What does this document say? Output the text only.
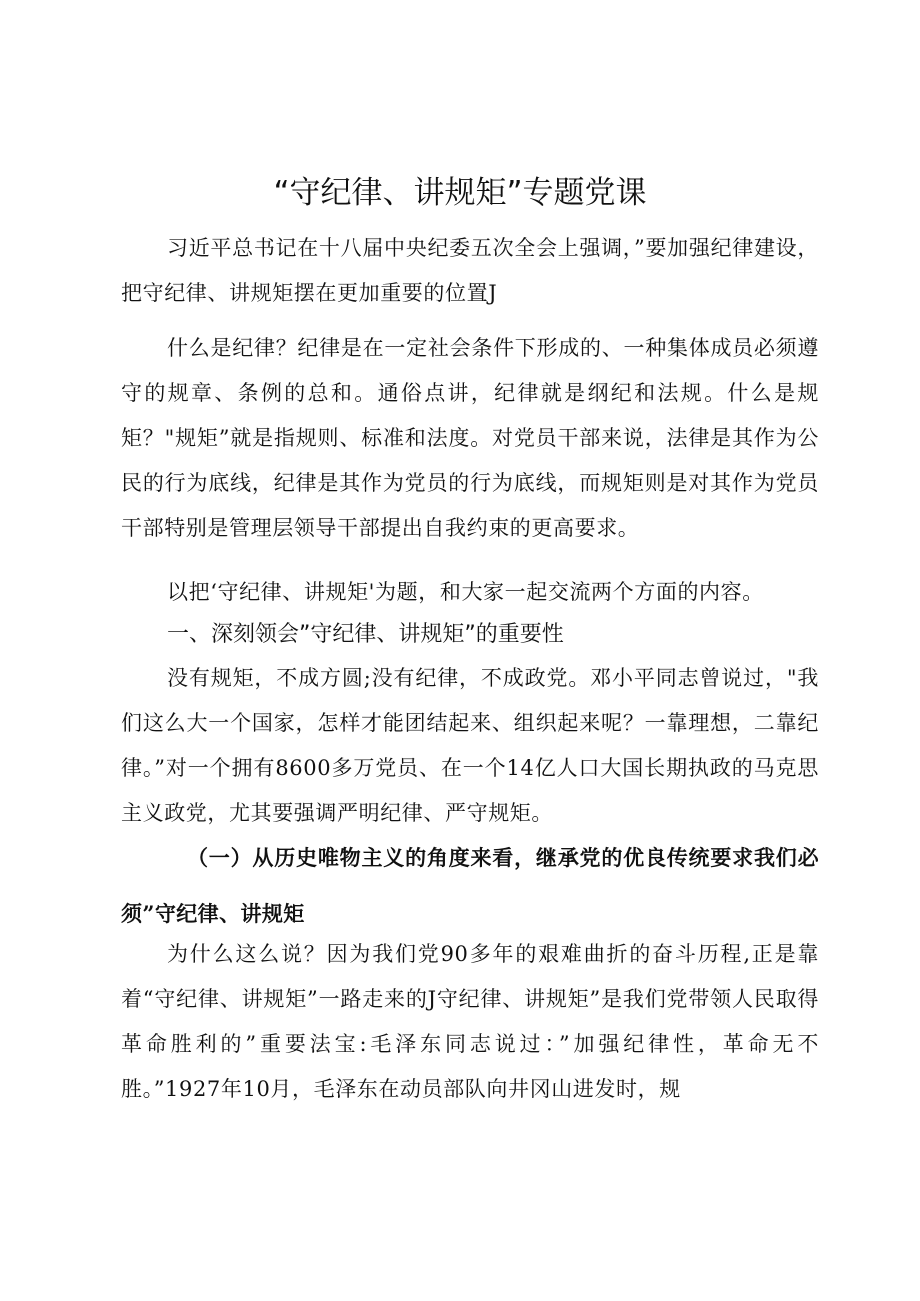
“守纪律、讲规矩”专题党课

习近平总书记在十八届中央纪委五次全会上强调，”要加强纪律建设，把守纪律、讲规矩摆在更加重要的位置J

什么是纪律？纪律是在一定社会条件下形成的、一种集体成员必须遵守的规章、条例的总和。通俗点讲，纪律就是纲纪和法规。什么是规矩？"规矩”就是指规则、标准和法度。对党员干部来说，法律是其作为公民的行为底线，纪律是其作为党员的行为底线，而规矩则是对其作为党员干部特别是管理层领导干部提出自我约束的更高要求。

以把‘守纪律、讲规矩'为题，和大家一起交流两个方面的内容。

一、深刻领会”守纪律、讲规矩”的重要性

没有规矩，不成方圆;没有纪律，不成政党。邓小平同志曾说过，"我们这么大一个国家，怎样才能团结起来、组织起来呢？一靠理想，二靠纪律。”对一个拥有8600多万党员、在一个14亿人口大国长期执政的马克思主义政党，尤其要强调严明纪律、严守规矩。

（一）从历史唯物主义的角度来看，继承党的优良传统要求我们必须”守纪律、讲规矩

为什么这么说？因为我们党90多年的艰难曲折的奋斗历程,正是靠着“守纪律、讲规矩”一路走来的J守纪律、讲规矩”是我们党带领人民取得革命胜利的”重要法宝:毛泽东同志说过：”加强纪律性，革命无不胜。”1927年10月，毛泽东在动员部队向井冈山进发时，规
